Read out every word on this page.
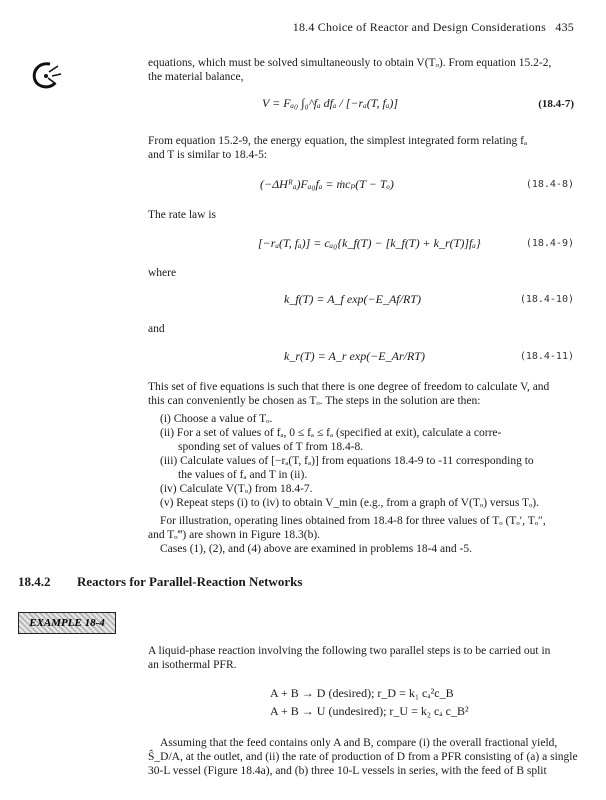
18.4 Choice of Reactor and Design Considerations 435
equations, which must be solved simultaneously to obtain V(Tₒ). From equation 15.2-2,
the material balance,
V = Fₐ₀ ∫₀^fₐ dfₐ / [−rₐ(T, fₐ)]	(18.4-7)
From equation 15.2-9, the energy equation, the simplest integrated form relating fₐ
and T is similar to 18.4-5:
(−ΔHᴿₐ)Fₐ₀fₐ = ṁcₚ(T − Tₒ)	(18.4-8)
The rate law is
[−rₐ(T, fₐ)] = cₐ₀{k_f(T) − [k_f(T) + k_r(T)]fₐ}	(18.4-9)
where
k_f(T) = A_f exp(−E_Af/RT)	(18.4-10)
and
k_r(T) = A_r exp(−E_Ar/RT)	(18.4-11)
This set of five equations is such that there is one degree of freedom to calculate V, and
this can conveniently be chosen as Tₒ. The steps in the solution are then:
(i) Choose a value of Tₒ.
(ii) For a set of values of fₐ, 0 ≤ fₐ ≤ fₐ (specified at exit), calculate a corre-
sponding set of values of T from 18.4-8.
(iii) Calculate values of [−rₐ(T, fₐ)] from equations 18.4-9 to -11 corresponding to
the values of fₐ and T in (ii).
(iv) Calculate V(Tₒ) from 18.4-7.
(v) Repeat steps (i) to (iv) to obtain V_min (e.g., from a graph of V(Tₒ) versus Tₒ).
For illustration, operating lines obtained from 18.4-8 for three values of Tₒ (Tₒ′, Tₒ″,
and Tₒ‴) are shown in Figure 18.3(b).
Cases (1), (2), and (4) above are examined in problems 18-4 and -5.
18.4.2 Reactors for Parallel-Reaction Networks
EXAMPLE 18-4
A liquid-phase reaction involving the following two parallel steps is to be carried out in
an isothermal PFR.
A + B → D (desired); r_D = k₁ cₐ²c_B
A + B → U (undesired); r_U = k₂ cₐ c_B²
Assuming that the feed contains only A and B, compare (i) the overall fractional yield,
Ŝ_D/A, at the outlet, and (ii) the rate of production of D from a PFR consisting of (a) a single
30-L vessel (Figure 18.4a), and (b) three 10-L vessels in series, with the feed of B split
